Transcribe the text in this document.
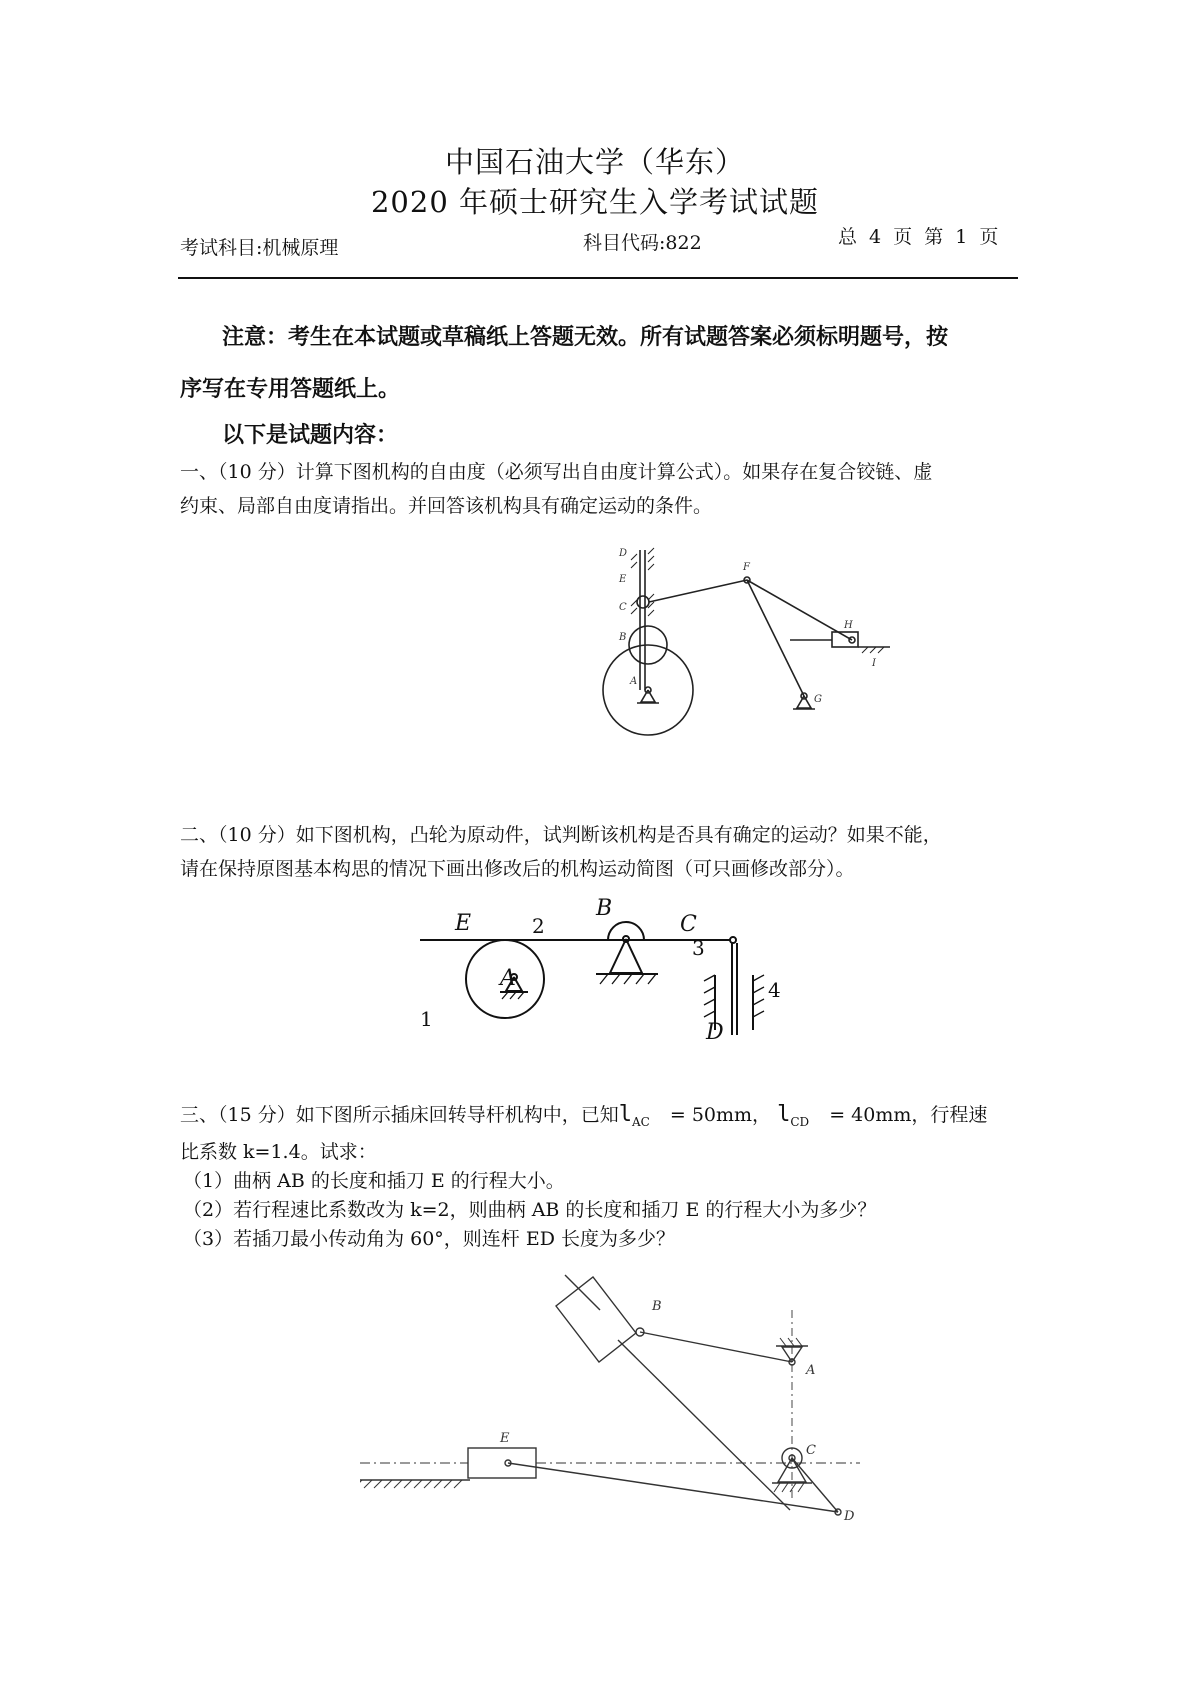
中国石油大学（华东）
2020 年硕士研究生入学考试试题
考试科目:机械原理	科目代码:822	总 4 页 第 1 页
注意：考生在本试题或草稿纸上答题无效。所有试题答案必须标明题号，按
序写在专用答题纸上。
以下是试题内容：
一、（10 分）计算下图机构的自由度（必须写出自由度计算公式）。如果存在复合铰链、虚
约束、局部自由度请指出。并回答该机构具有确定运动的条件。
D
E
C
B
A
F
H
I
G
二、（10 分）如下图机构，凸轮为原动件，试判断该机构是否具有确定的运动？如果不能，
请在保持原图基本构思的情况下画出修改后的机构运动简图（可只画修改部分）。
E	2
B
C
3
A	4
1
D
三、（15 分）如下图所示插床回转导杆机构中，已知$l_{AC} = 50mm$， $l_{CD} = 40mm$，行程速
比系数 k=1.4。试求：
（1）曲柄 AB 的长度和插刀 E 的行程大小。
（2）若行程速比系数改为 k=2，则曲柄 AB 的长度和插刀 E 的行程大小为多少？
（3）若插刀最小传动角为 60°，则连杆 ED 长度为多少？
B
A
C
E
D
